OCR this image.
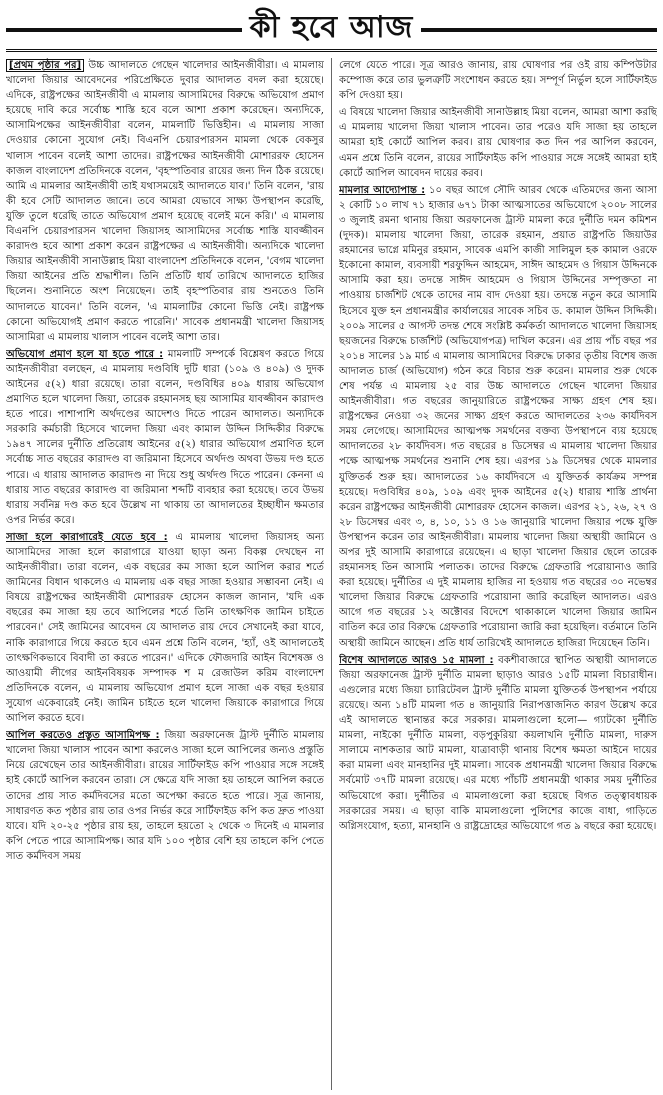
কী হবে আজ

[প্রথম পৃষ্ঠার পর] উচ্চ আদালতে গেছেন খালেদার আইনজীবীরা। এ মামলায় খালেদা জিয়ার আবেদনের পরিপ্রেক্ষিতে দুবার আদালত বদল করা হয়েছে। এদিকে, রাষ্ট্রপক্ষের আইনজীবী এ মামলায় আসামিদের বিরুদ্ধে অভিযোগ প্রমাণ হয়েছে দাবি করে সর্বোচ্চ শাস্তি হবে বলে আশা প্রকাশ করেছেন। অন্যদিকে, আসামিপক্ষের আইনজীবীরা বলেন, মামলাটি ভিত্তিহীন। এ মামলায় সাজা দেওয়ার কোনো সুযোগ নেই। বিএনপি চেয়ারপারসন মামলা থেকে বেকসুর খালাস পাবেন বলেই আশা তাদের। রাষ্ট্রপক্ষের আইনজীবী মোশাররফ হোসেন কাজল বাংলাদেশ প্রতিদিনকে বলেন, 'বৃহস্পতিবার রায়ের জন্য দিন ঠিক রয়েছে। আমি এ মামলার আইনজীবী তাই যথাসময়েই আদালতে যাব।' তিনি বলেন, 'রায় কী হবে সেটি আদালত জানে। তবে আমরা যেভাবে সাক্ষ্য উপস্থাপন করেছি, যুক্তি তুলে ধরেছি তাতে অভিযোগ প্রমাণ হয়েছে বলেই মনে করি।' এ মামলায় বিএনপি চেয়ারপারসন খালেদা জিয়াসহ আসামিদের সর্বোচ্চ শাস্তি যাবজ্জীবন কারাদণ্ড হবে আশা প্রকাশ করেন রাষ্ট্রপক্ষের এ আইনজীবী। অন্যদিকে খালেদা জিয়ার আইনজীবী সানাউল্লাহ মিয়া বাংলাদেশ প্রতিদিনকে বলেন, 'বেগম খালেদা জিয়া আইনের প্রতি শ্রদ্ধাশীল। তিনি প্রতিটি ধার্য তারিখে আদালতে হাজির ছিলেন। শুনানিতে অংশ নিয়েছেন। তাই বৃহস্পতিবার রায় শুনতেও তিনি আদালতে যাবেন।' তিনি বলেন, 'এ মামলাটির কোনো ভিত্তি নেই। রাষ্ট্রপক্ষ কোনো অভিযোগই প্রমাণ করতে পারেনি।' সাবেক প্রধানমন্ত্রী খালেদা জিয়াসহ আসামিরা এ মামলায় খালাস পাবেন বলেই আশা তার।

অভিযোগ প্রমাণ হলে যা হতে পারে : মামলাটি সম্পর্কে বিশ্লেষণ করতে গিয়ে আইনজীবীরা বলছেন, এ মামলায় দণ্ডবিধি দুটি ধারা (১০৯ ও ৪০৯) ও দুদক আইনের ৫(২) ধারা রয়েছে। তারা বলেন, দণ্ডবিধির ৪০৯ ধারায় অভিযোগ প্রমাণিত হলে খালেদা জিয়া, তারেক রহমানসহ ছয় আসামির যাবজ্জীবন কারাদণ্ড হতে পারে। পাশাপাশি অর্থদণ্ডের আদেশও দিতে পারেন আদালত। অন্যদিকে সরকারি কর্মচারী হিসেবে খালেদা জিয়া এবং কামাল উদ্দিন সিদ্দিকীর বিরুদ্ধে ১৯৪৭ সালের দুর্নীতি প্রতিরোধ আইনের ৫(২) ধারার অভিযোগ প্রমাণিত হলে সর্বোচ্চ সাত বছরের কারাদণ্ড বা জরিমানা হিসেবে অর্থদণ্ড অথবা উভয় দণ্ড হতে পারে। এ ধারায় আদালত কারাদণ্ড না দিয়ে শুধু অর্থদণ্ড দিতে পারেন। কেননা এ ধারায় সাত বছরের কারাদণ্ড বা জরিমানা শব্দটি ব্যবহার করা হয়েছে। তবে উভয় ধারায় সর্বনিম্ন দণ্ড কত হবে উল্লেখ না থাকায় তা আদালতের ইচ্ছাধীন ক্ষমতার ওপর নির্ভর করে।

সাজা হলে কারাগারেই যেতে হবে : এ মামলায় খালেদা জিয়াসহ অন্য আসামিদের সাজা হলে কারাগারে যাওয়া ছাড়া অন্য বিকল্প দেখছেন না আইনজীবীরা। তারা বলেন, এক বছরের কম সাজা হলে আপিল করার শর্তে জামিনের বিধান থাকলেও এ মামলায় এক বছর সাজা হওয়ার সম্ভাবনা নেই। এ বিষয়ে রাষ্ট্রপক্ষের আইনজীবী মোশাররফ হোসেন কাজল জানান, 'যদি এক বছরের কম সাজা হয় তবে আপিলের শর্তে তিনি তাৎক্ষণিক জামিন চাইতে পারবেন।' সেই জামিনের আবেদন যে আদালত রায় দেবে সেখানেই করা যাবে, নাকি কারাগারে গিয়ে করতে হবে এমন প্রশ্নে তিনি বলেন, 'হ্যাঁ, ওই আদালতেই তাৎক্ষণিকভাবে বিবাদী তা করতে পারেন।' এদিকে ফৌজদারি আইন বিশেষজ্ঞ ও আওয়ামী লীগের আইনবিষয়ক সম্পাদক শ ম রেজাউল করিম বাংলাদেশ প্রতিদিনকে বলেন, এ মামলায় অভিযোগ প্রমাণ হলে সাজা এক বছর হওয়ার সুযোগ একেবারেই নেই। জামিন চাইতে হলে খালেদা জিয়াকে কারাগারে গিয়ে আপিল করতে হবে।

আপিল করতেও প্রস্তুত আসামিপক্ষ : জিয়া অরফানেজ ট্রাস্ট দুর্নীতি মামলায় খালেদা জিয়া খালাস পাবেন আশা করলেও সাজা হলে আপিলের জন্যও প্রস্তুতি নিয়ে রেখেছেন তার আইনজীবীরা। রায়ের সার্টিফাইড কপি পাওয়ার সঙ্গে সঙ্গেই হাই কোর্টে আপিল করবেন তারা। সে ক্ষেত্রে যদি সাজা হয় তাহলে আপিল করতে তাদের প্রায় সাত কর্মদিবসের মতো অপেক্ষা করতে হতে পারে। সূত্র জানায়, সাধারণত কত পৃষ্ঠার রায় তার ওপর নির্ভর করে সার্টিফাইড কপি কত দ্রুত পাওয়া যাবে। যদি ২০-২৫ পৃষ্ঠার রায় হয়, তাহলে হয়তো ২ থেকে ৩ দিনেই এ মামলার কপি পেতে পারে আসামিপক্ষ। আর যদি ১০০ পৃষ্ঠার বেশি হয় তাহলে কপি পেতে সাত কর্মদিবস সময়

লেগে যেতে পারে। সূত্র আরও জানায়, রায় ঘোষণার পর ওই রায় কম্পিউটার কম্পোজ করে তার ভুলত্রুটি সংশোধন করতে হয়। সম্পূর্ণ নির্ভুল হলে সার্টিফাইড কপি দেওয়া হয়।

এ বিষয়ে খালেদা জিয়ার আইনজীবী সানাউল্লাহ মিয়া বলেন, আমরা আশা করছি এ মামলায় খালেদা জিয়া খালাস পাবেন। তার পরেও যদি সাজা হয় তাহলে আমরা হাই কোর্টে আপিল করব। রায় ঘোষণার কত দিন পর আপিল করবেন, এমন প্রশ্নে তিনি বলেন, রায়ের সার্টিফাইড কপি পাওয়ার সঙ্গে সঙ্গেই আমরা হাই কোর্টে আপিল আবেদন দায়ের করব।

মামলার আদ্যোপান্ত : ১০ বছর আগে সৌদি আরব থেকে এতিমদের জন্য আসা ২ কোটি ১০ লাখ ৭১ হাজার ৬৭১ টাকা আত্মসাতের অভিযোগে ২০০৮ সালের ৩ জুলাই রমনা থানায় জিয়া অরফানেজ ট্রাস্ট মামলা করে দুর্নীতি দমন কমিশন (দুদক)। মামলায় খালেদা জিয়া, তারেক রহমান, প্রয়াত রাষ্ট্রপতি জিয়াউর রহমানের ভাগ্নে মমিনুর রহমান, সাবেক এমপি কাজী সালিমুল হক কামাল ওরফে ইকোনো কামাল, ব্যবসায়ী শরফুদ্দিন আহমেদ, সাঈদ আহমেদ ও গিয়াস উদ্দিনকে আসামি করা হয়। তদন্তে সাঈদ আহমেদ ও গিয়াস উদ্দিনের সম্পৃক্ততা না পাওয়ায় চার্জশিট থেকে তাদের নাম বাদ দেওয়া হয়। তদন্তে নতুন করে আসামি হিসেবে যুক্ত হন প্রধানমন্ত্রীর কার্যালয়ের সাবেক সচিব ড. কামাল উদ্দিন সিদ্দিকী। ২০০৯ সালের ৫ আগস্ট তদন্ত শেষে সংশ্লিষ্ট কর্মকর্তা আদালতে খালেদা জিয়াসহ ছয়জনের বিরুদ্ধে চার্জশিট (অভিযোগপত্র) দাখিল করেন। এর প্রায় পাঁচ বছর পর ২০১৪ সালের ১৯ মার্চ এ মামলায় আসামিদের বিরুদ্ধে ঢাকার তৃতীয় বিশেষ জজ আদালত চার্জ (অভিযোগ) গঠন করে বিচার শুরু করেন। মামলার শুরু থেকে শেষ পর্যন্ত এ মামলায় ২৫ বার উচ্চ আদালতে গেছেন খালেদা জিয়ার আইনজীবীরা। গত বছরের জানুয়ারিতে রাষ্ট্রপক্ষের সাক্ষ্য গ্রহণ শেষ হয়। রাষ্ট্রপক্ষের নেওয়া ৩২ জনের সাক্ষ্য গ্রহণ করতে আদালতের ২৩৬ কার্যদিবস সময় লেগেছে। আসামিদের আত্মপক্ষ সমর্থনের বক্তব্য উপস্থাপনে ব্যয় হয়েছে আদালতের ২৮ কার্যদিবস। গত বছরের ৪ ডিসেম্বর এ মামলায় খালেদা জিয়ার পক্ষে আত্মপক্ষ সমর্থনের শুনানি শেষ হয়। এরপর ১৯ ডিসেম্বর থেকে মামলার যুক্তিতর্ক শুরু হয়। আদালতের ১৬ কার্যদিবসে এ যুক্তিতর্ক কার্যক্রম সম্পন্ন হয়েছে। দণ্ডবিধির ৪০৯, ১০৯ এবং দুদক আইনের ৫(২) ধারায় শাস্তি প্রার্থনা করেন রাষ্ট্রপক্ষের আইনজীবী মোশাররফ হোসেন কাজল। এরপর ২১, ২৬, ২৭ ও ২৮ ডিসেম্বর এবং ৩, ৪, ১০, ১১ ও ১৬ জানুয়ারি খালেদা জিয়ার পক্ষে যুক্তি উপস্থাপন করেন তার আইনজীবীরা। মামলায় খালেদা জিয়া অস্থায়ী জামিনে ও অপর দুই আসামি কারাগারে রয়েছেন। এ ছাড়া খালেদা জিয়ার ছেলে তারেক রহমানসহ তিন আসামি পলাতক। তাদের বিরুদ্ধে গ্রেফতারি পরোয়ানাও জারি করা হয়েছে। দুর্নীতির এ দুই মামলায় হাজির না হওয়ায় গত বছরের ৩০ নভেম্বর খালেদা জিয়ার বিরুদ্ধে গ্রেফতারি পরোয়ানা জারি করেছিল আদালত। এরও আগে গত বছরের ১২ অক্টোবর বিদেশে থাকাকালে খালেদা জিয়ার জামিন বাতিল করে তার বিরুদ্ধে গ্রেফতারি পরোয়ানা জারি করা হয়েছিল। বর্তমানে তিনি অস্থায়ী জামিনে আছেন। প্রতি ধার্য তারিখেই আদালতে হাজিরা দিয়েছেন তিনি।

বিশেষ আদালতে আরও ১৫ মামলা : বকশীবাজারে স্থাপিত অস্থায়ী আদালতে জিয়া অরফানেজ ট্রাস্ট দুর্নীতি মামলা ছাড়াও আরও ১৫টি মামলা বিচারাধীন। এগুলোর মধ্যে জিয়া চ্যারিটেবল ট্রাস্ট দুর্নীতি মামলা যুক্তিতর্ক উপস্থাপন পর্যায়ে রয়েছে। অন্য ১৪টি মামলা গত ৪ জানুয়ারি নিরাপত্তাজনিত কারণ উল্লেখ করে এই আদালতে স্থানান্তর করে সরকার। মামলাগুলো হলো— গ্যাটকো দুর্নীতি মামলা, নাইকো দুর্নীতি মামলা, বড়পুকুরিয়া কয়লাখনি দুর্নীতি মামলা, দারুস সালামে নাশকতার আট মামলা, যাত্রাবাড়ী থানায় বিশেষ ক্ষমতা আইনে দায়ের করা মামলা এবং মানহানির দুই মামলা। সাবেক প্রধানমন্ত্রী খালেদা জিয়ার বিরুদ্ধে সর্বমোট ৩৭টি মামলা রয়েছে। এর মধ্যে পাঁচটি প্রধানমন্ত্রী থাকার সময় দুর্নীতির অভিযোগে করা। দুর্নীতির এ মামলাগুলো করা হয়েছে বিগত তত্ত্বাবধায়ক সরকারের সময়। এ ছাড়া বাকি মামলাগুলো পুলিশের কাজে বাধা, গাড়িতে অগ্নিসংযোগ, হত্যা, মানহানি ও রাষ্ট্রদ্রোহের অভিযোগে গত ৯ বছরে করা হয়েছে।
